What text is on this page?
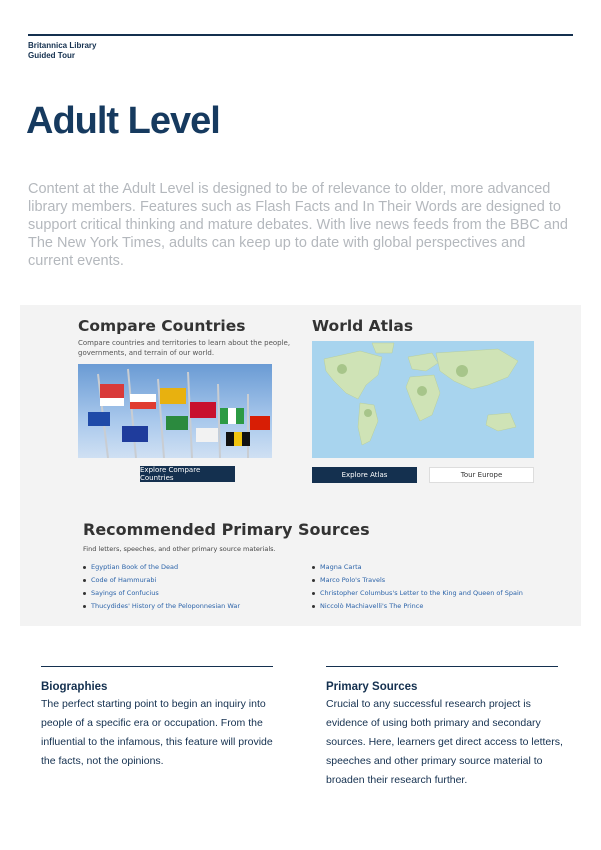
Britannica Library
Guided Tour
Adult Level

Content at the Adult Level is designed to be of relevance to older, more advanced library members. Features such as Flash Facts and In Their Words are designed to support critical thinking and mature debates. With live news feeds from the BBC and The New York Times, adults can keep up to date with global perspectives and current events.

Compare Countries
Compare countries and territories to learn about the people, governments, and terrain of our world.
Explore Compare Countries
World Atlas
Explore Atlas	Tour Europe
Recommended Primary Sources
Find letters, speeches, and other primary source materials.
Egyptian Book of the Dead
Code of Hammurabi
Sayings of Confucius
Thucydides' History of the Peloponnesian War
Magna Carta
Marco Polo's Travels
Christopher Columbus's Letter to the King and Queen of Spain
Niccolò Machiavelli's The Prince
Biographies
The perfect starting point to begin an inquiry into people of a specific era or occupation. From the influential to the infamous, this feature will provide the facts, not the opinions.
Primary Sources
Crucial to any successful research project is evidence of using both primary and secondary sources. Here, learners get direct access to letters, speeches and other primary source material to broaden their research further.
